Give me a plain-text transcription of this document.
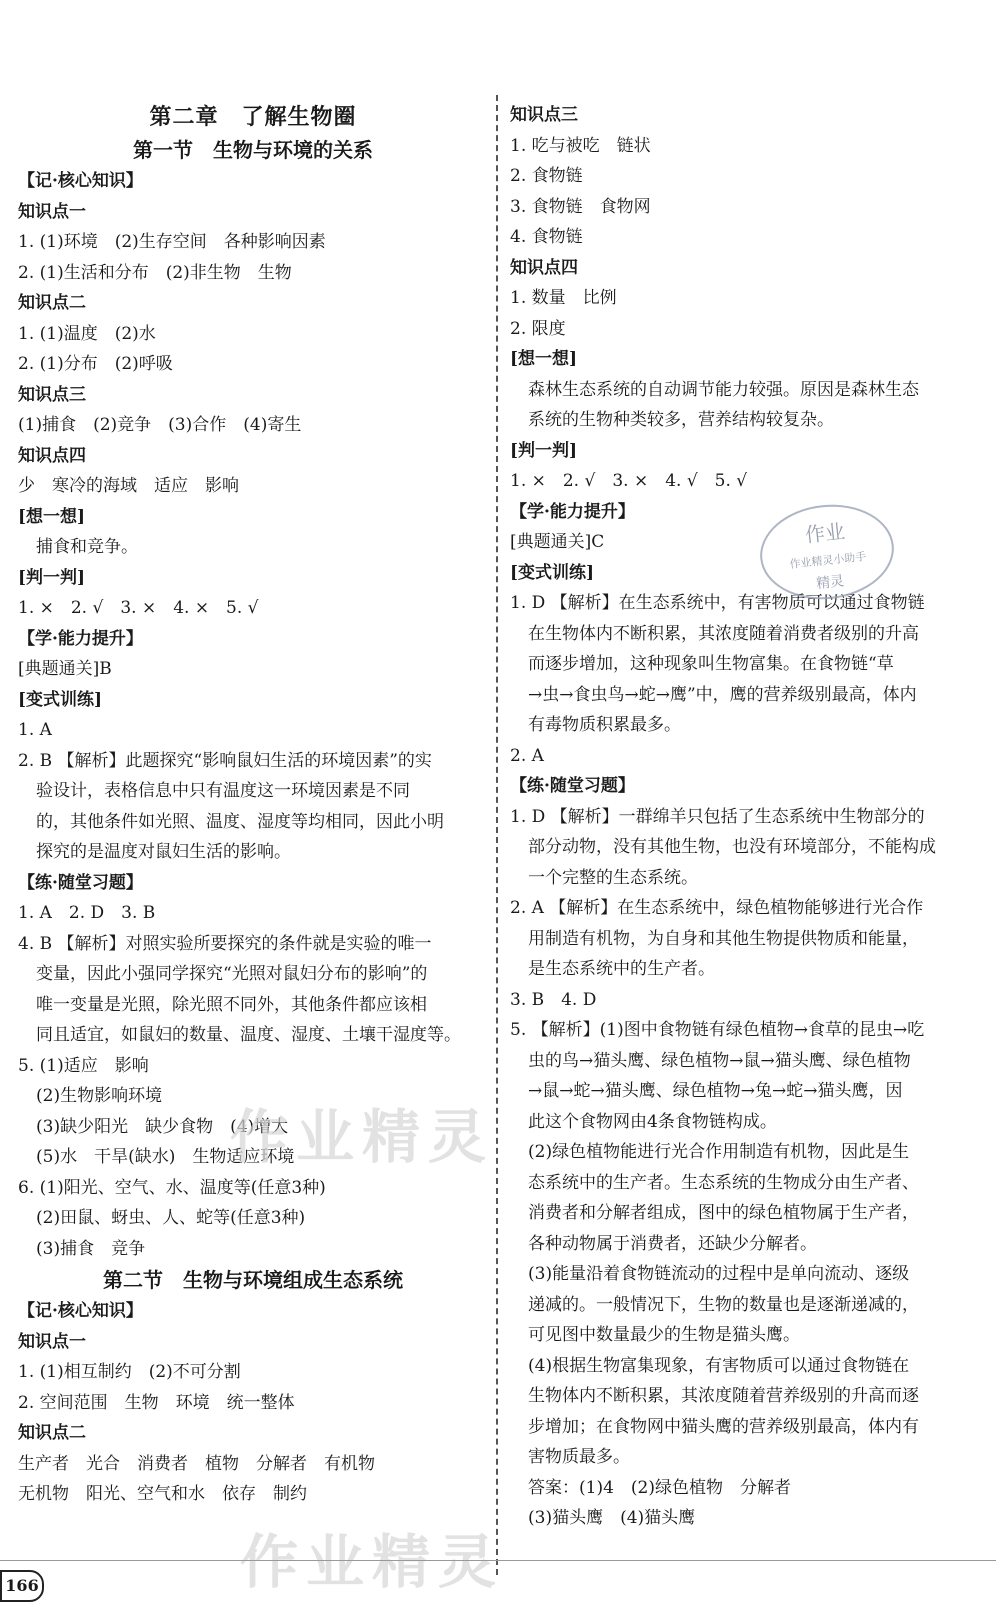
第二章　了解生物圈
第一节　生物与环境的关系
【记·核心知识】
知识点一
1. (1)环境　(2)生存空间　各种影响因素
2. (1)生活和分布　(2)非生物　生物
知识点二
1. (1)温度　(2)水
2. (1)分布　(2)呼吸
知识点三
(1)捕食　(2)竞争　(3)合作　(4)寄生
知识点四
少　寒冷的海域　适应　影响
[想一想]
捕食和竞争。
[判一判]
1. ×　2. √　3. ×　4. ×　5. √
【学·能力提升】
[典题通关]B
[变式训练]
1. A
2. B 【解析】此题探究“影响鼠妇生活的环境因素”的实
验设计，表格信息中只有温度这一环境因素是不同
的，其他条件如光照、温度、湿度等均相同，因此小明
探究的是温度对鼠妇生活的影响。
【练·随堂习题】
1. A　2. D　3. B
4. B 【解析】对照实验所要探究的条件就是实验的唯一
变量，因此小强同学探究“光照对鼠妇分布的影响”的
唯一变量是光照，除光照不同外，其他条件都应该相
同且适宜，如鼠妇的数量、温度、湿度、土壤干湿度等。
5. (1)适应　影响
(2)生物影响环境
(3)缺少阳光　缺少食物　(4)增大
(5)水　干旱(缺水)　生物适应环境
6. (1)阳光、空气、水、温度等(任意3种)
(2)田鼠、蚜虫、人、蛇等(任意3种)
(3)捕食　竞争
第二节　生物与环境组成生态系统
【记·核心知识】
知识点一
1. (1)相互制约　(2)不可分割
2. 空间范围　生物　环境　统一整体
知识点二
生产者　光合　消费者　植物　分解者　有机物
无机物　阳光、空气和水　依存　制约
知识点三
1. 吃与被吃　链状
2. 食物链
3. 食物链　食物网
4. 食物链
知识点四
1. 数量　比例
2. 限度
[想一想]
森林生态系统的自动调节能力较强。原因是森林生态
系统的生物种类较多，营养结构较复杂。
[判一判]
1. ×　2. √　3. ×　4. √　5. √
【学·能力提升】
[典题通关]C
[变式训练]
1. D 【解析】在生态系统中，有害物质可以通过食物链
在生物体内不断积累，其浓度随着消费者级别的升高
而逐步增加，这种现象叫生物富集。在食物链“草
→虫→食虫鸟→蛇→鹰”中，鹰的营养级别最高，体内
有毒物质积累最多。
2. A
【练·随堂习题】
1. D 【解析】一群绵羊只包括了生态系统中生物部分的
部分动物，没有其他生物，也没有环境部分，不能构成
一个完整的生态系统。
2. A 【解析】在生态系统中，绿色植物能够进行光合作
用制造有机物，为自身和其他生物提供物质和能量，
是生态系统中的生产者。
3. B　4. D
5. 【解析】(1)图中食物链有绿色植物→食草的昆虫→吃
虫的鸟→猫头鹰、绿色植物→鼠→猫头鹰、绿色植物
→鼠→蛇→猫头鹰、绿色植物→兔→蛇→猫头鹰，因
此这个食物网由4条食物链构成。
(2)绿色植物能进行光合作用制造有机物，因此是生
态系统中的生产者。生态系统的生物成分由生产者、
消费者和分解者组成，图中的绿色植物属于生产者，
各种动物属于消费者，还缺少分解者。
(3)能量沿着食物链流动的过程中是单向流动、逐级
递减的。一般情况下，生物的数量也是逐渐递减的，
可见图中数量最少的生物是猫头鹰。
(4)根据生物富集现象，有害物质可以通过食物链在
生物体内不断积累，其浓度随着营养级别的升高而逐
步增加；在食物网中猫头鹰的营养级别最高，体内有
害物质最多。
答案：(1)4　(2)绿色植物　分解者
(3)猫头鹰　(4)猫头鹰
作业
作业精灵小助手
精灵
作业精灵
作业精灵
166
